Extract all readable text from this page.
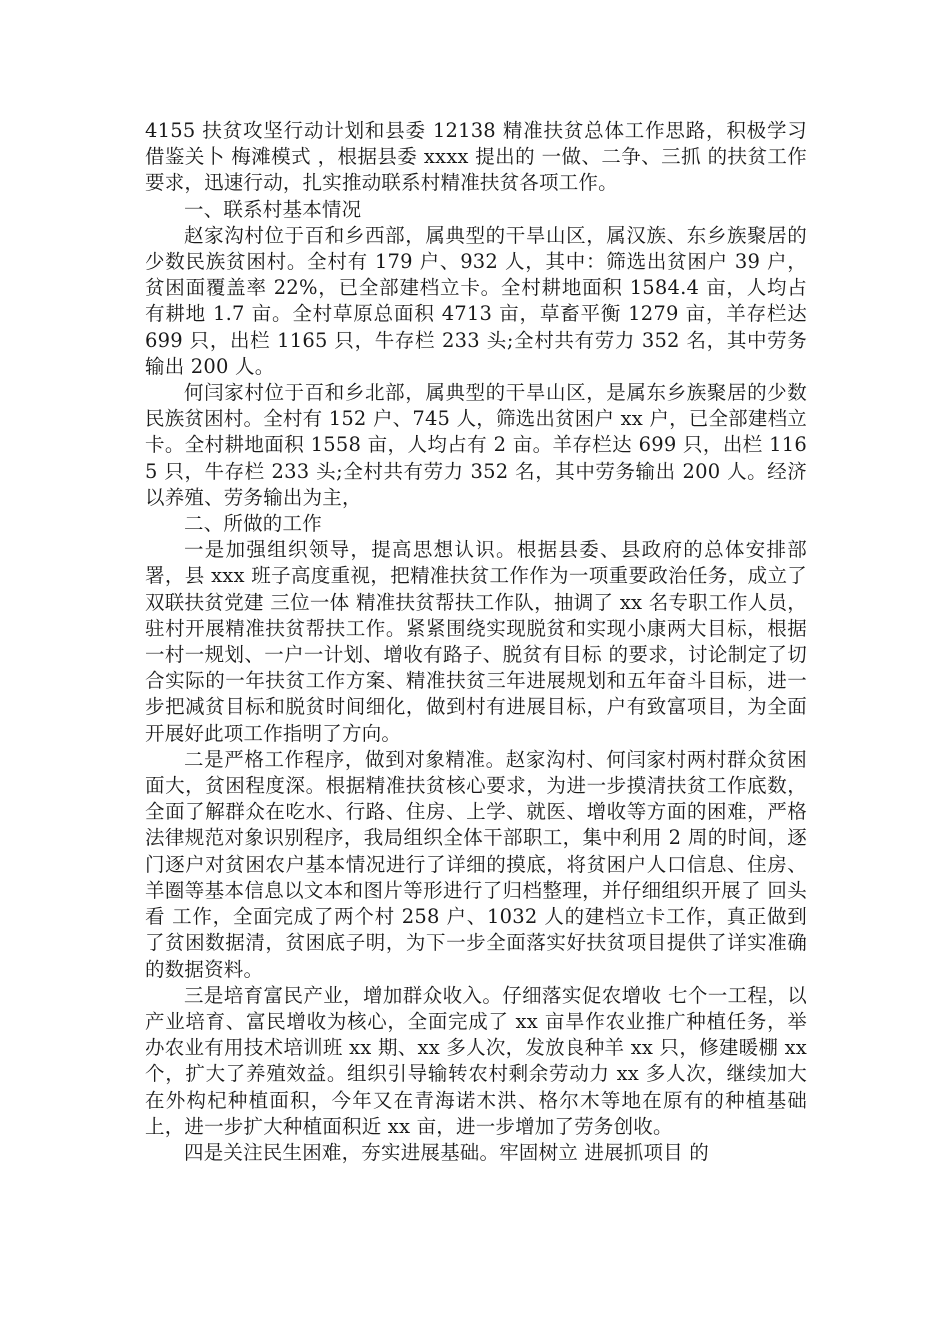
4155 扶贫攻坚行动计划和县委 12138 精准扶贫总体工作思路，积极学习借鉴关卜 梅滩模式 ，根据县委 xxxx 提出的 一做、二争、三抓 的扶贫工作要求，迅速行动，扎实推动联系村精准扶贫各项工作。

一、联系村基本情况

赵家沟村位于百和乡西部，属典型的干旱山区，属汉族、东乡族聚居的少数民族贫困村。全村有 179 户、932 人，其中：筛选出贫困户 39 户，贫困面覆盖率 22%，已全部建档立卡。全村耕地面积 1584.4 亩，人均占有耕地 1.7 亩。全村草原总面积 4713 亩，草畜平衡 1279 亩，羊存栏达 699 只，出栏 1165 只，牛存栏 233 头;全村共有劳力 352 名，其中劳务输出 200 人。

何闫家村位于百和乡北部，属典型的干旱山区，是属东乡族聚居的少数民族贫困村。全村有 152 户、745 人，筛选出贫困户 xx 户，已全部建档立卡。全村耕地面积 1558 亩，人均占有 2 亩。羊存栏达 699 只，出栏 1165 只，牛存栏 233 头;全村共有劳力 352 名，其中劳务输出 200 人。经济以养殖、劳务输出为主，

二、所做的工作

一是加强组织领导，提高思想认识。根据县委、县政府的总体安排部署，县 xxx 班子高度重视，把精准扶贫工作作为一项重要政治任务，成立了双联扶贫党建 三位一体 精准扶贫帮扶工作队，抽调了 xx 名专职工作人员，驻村开展精准扶贫帮扶工作。紧紧围绕实现脱贫和实现小康两大目标，根据 一村一规划、一户一计划、增收有路子、脱贫有目标 的要求，讨论制定了切合实际的一年扶贫工作方案、精准扶贫三年进展规划和五年奋斗目标，进一步把减贫目标和脱贫时间细化，做到村有进展目标，户有致富项目，为全面开展好此项工作指明了方向。

二是严格工作程序，做到对象精准。赵家沟村、何闫家村两村群众贫困面大，贫困程度深。根据精准扶贫核心要求，为进一步摸清扶贫工作底数，全面了解群众在吃水、行路、住房、上学、就医、增收等方面的困难，严格法律规范对象识别程序，我局组织全体干部职工，集中利用 2 周的时间，逐门逐户对贫困农户基本情况进行了详细的摸底，将贫困户人口信息、住房、羊圈等基本信息以文本和图片等形进行了归档整理，并仔细组织开展了 回头看 工作，全面完成了两个村 258 户、1032 人的建档立卡工作，真正做到了贫困数据清，贫困底子明，为下一步全面落实好扶贫项目提供了详实准确的数据资料。

三是培育富民产业，增加群众收入。仔细落实促农增收 七个一工程，以产业培育、富民增收为核心，全面完成了 xx 亩旱作农业推广种植任务，举办农业有用技术培训班 xx 期、xx 多人次，发放良种羊 xx 只，修建暖棚 xx 个，扩大了养殖效益。组织引导输转农村剩余劳动力 xx 多人次，继续加大在外构杞种植面积，今年又在青海诺木洪、格尔木等地在原有的种植基础上，进一步扩大种植面积近 xx 亩，进一步增加了劳务创收。

四是关注民生困难，夯实进展基础。牢固树立 进展抓项目 的
